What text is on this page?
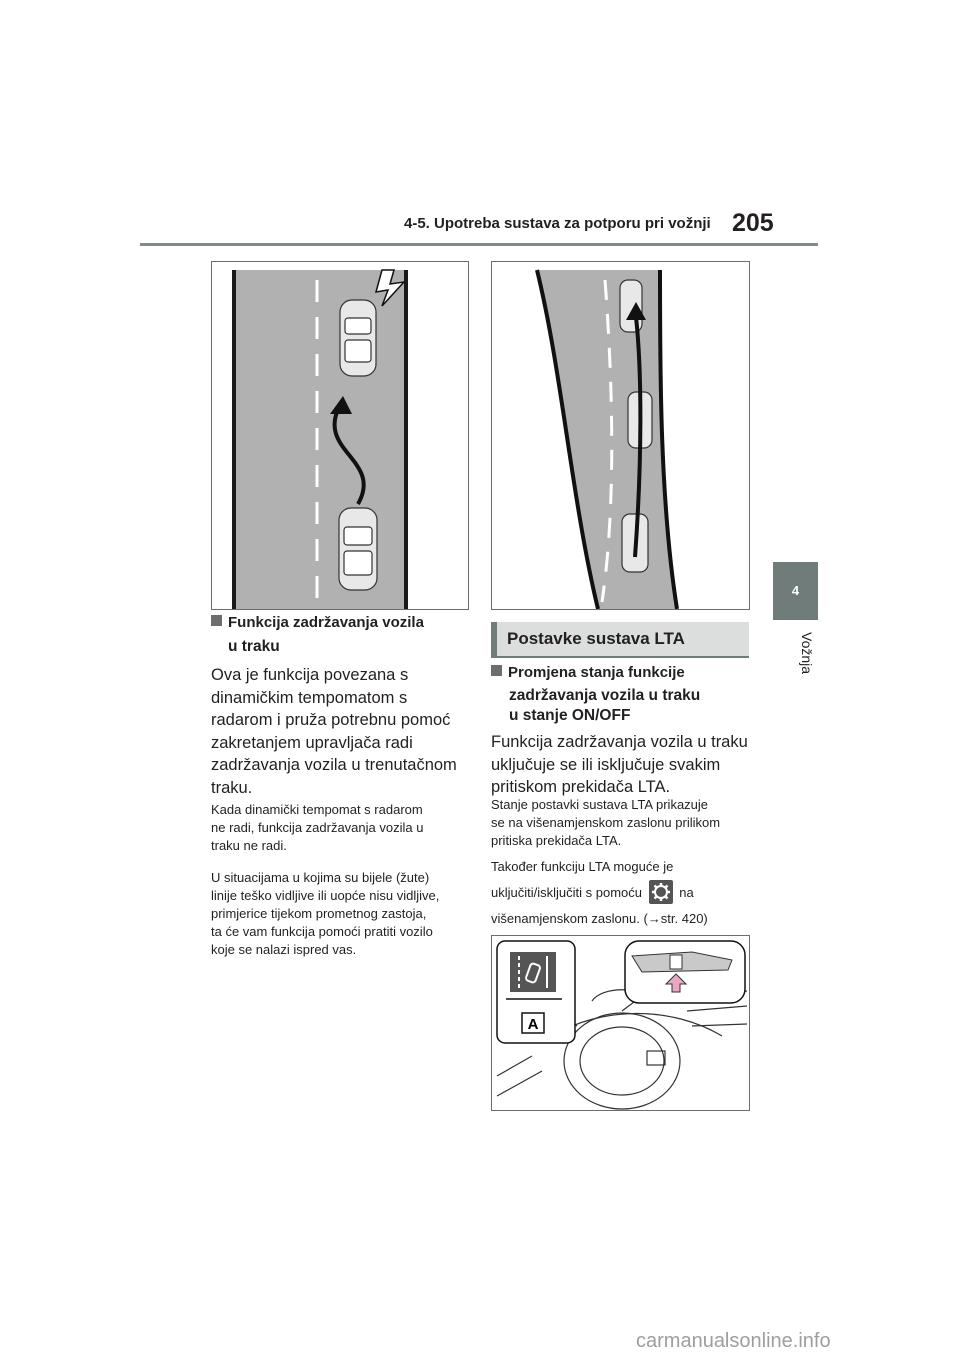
4-5. Upotreba sustava za potporu pri vožnji 205
4
Vožnja
Funkcija zadržavanja vozila
u traku
Ova je funkcija povezana s
dinamičkim tempomatom s
radarom i pruža potrebnu pomoć
zakretanjem upravljača radi
zadržavanja vozila u trenutačnom
traku.
Kada dinamički tempomat s radarom
ne radi, funkcija zadržavanja vozila u
traku ne radi.
U situacijama u kojima su bijele (žute)
linije teško vidljive ili uopće nisu vidljive,
primjerice tijekom prometnog zastoja,
ta će vam funkcija pomoći pratiti vozilo
koje se nalazi ispred vas.
Postavke sustava LTA
Promjena stanja funkcije
zadržavanja vozila u traku
u stanje ON/OFF
Funkcija zadržavanja vozila u traku
uključuje se ili isključuje svakim
pritiskom prekidača LTA.
Stanje postavki sustava LTA prikazuje
se na višenamjenskom zaslonu prilikom
pritiska prekidača LTA.
Također funkciju LTA moguće je
uključiti/isključiti s pomoću	na
višenamjenskom zaslonu. (→str. 420)
A
carmanualsonline.info
